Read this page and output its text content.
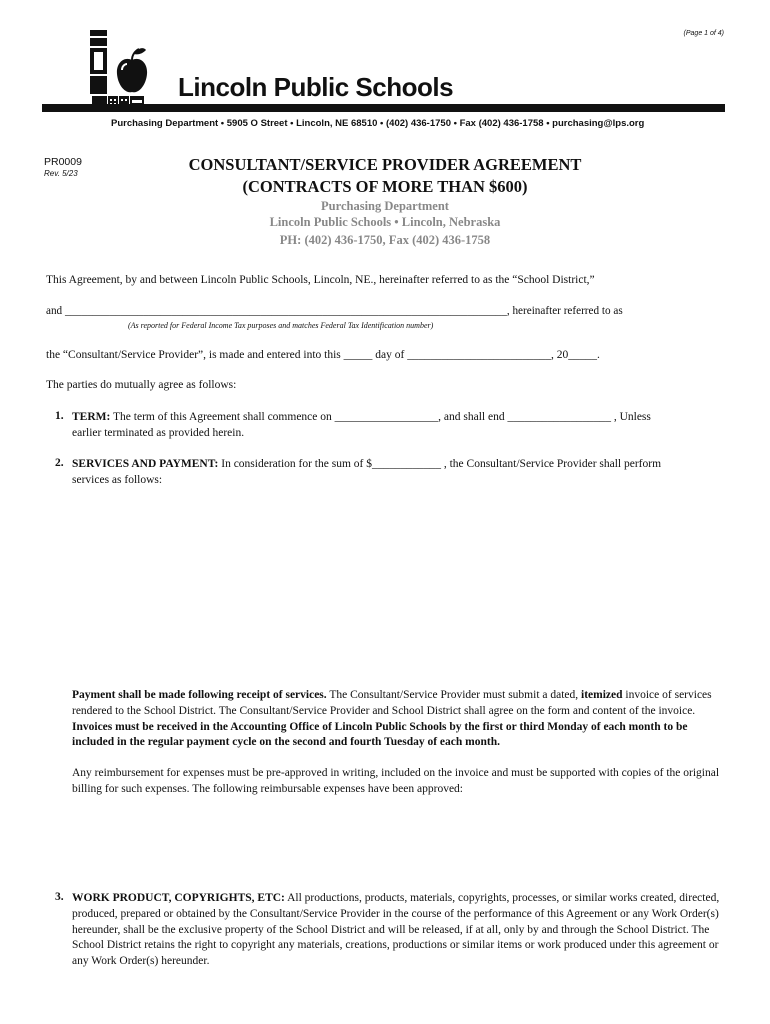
(Page 1 of 4)
Lincoln Public Schools
Purchasing Department • 5905 O Street • Lincoln, NE 68510 • (402) 436-1750 • Fax (402) 436-1758 • purchasing@lps.org
PR0009
Rev. 5/23	CONSULTANT/SERVICE PROVIDER AGREEMENT
(CONTRACTS OF MORE THAN $600)
Purchasing Department
Lincoln Public Schools • Lincoln, Nebraska
PH: (402) 436-1750, Fax (402) 436-1758
This Agreement, by and between Lincoln Public Schools, Lincoln, NE., hereinafter referred to as the “School District,”
and _______________________________________________________________________________, hereinafter referred to as
(As reported for Federal Income Tax purposes and matches Federal Tax Identification number)
the “Consultant/Service Provider”, is made and entered into this _____ day of _________________________, 20_____.
The parties do mutually agree as follows:
1. TERM: The term of this Agreement shall commence on __________________, and shall end __________________ , Unless
earlier terminated as provided herein.
2. SERVICES AND PAYMENT: In consideration for the sum of $____________ , the Consultant/Service Provider shall perform
services as follows:
Payment shall be made following receipt of services. The Consultant/Service Provider must submit a dated, itemized invoice of services rendered to the School District. The Consultant/Service Provider and School District shall agree on the form and content of the invoice. Invoices must be received in the Accounting Office of Lincoln Public Schools by the first or third Monday of each month to be included in the regular payment cycle on the second and fourth Tuesday of each month.
Any reimbursement for expenses must be pre-approved in writing, included on the invoice and must be supported with copies of the original billing for such expenses. The following reimbursable expenses have been approved:
3. WORK PRODUCT, COPYRIGHTS, ETC: All productions, products, materials, copyrights, processes, or similar works created, directed, produced, prepared or obtained by the Consultant/Service Provider in the course of the performance of this Agreement or any Work Order(s) hereunder, shall be the exclusive property of the School District and will be released, if at all, only by and through the School District. The School District retains the right to copyright any materials, creations, productions or similar items or work produced under this agreement or any Work Order(s) hereunder.
